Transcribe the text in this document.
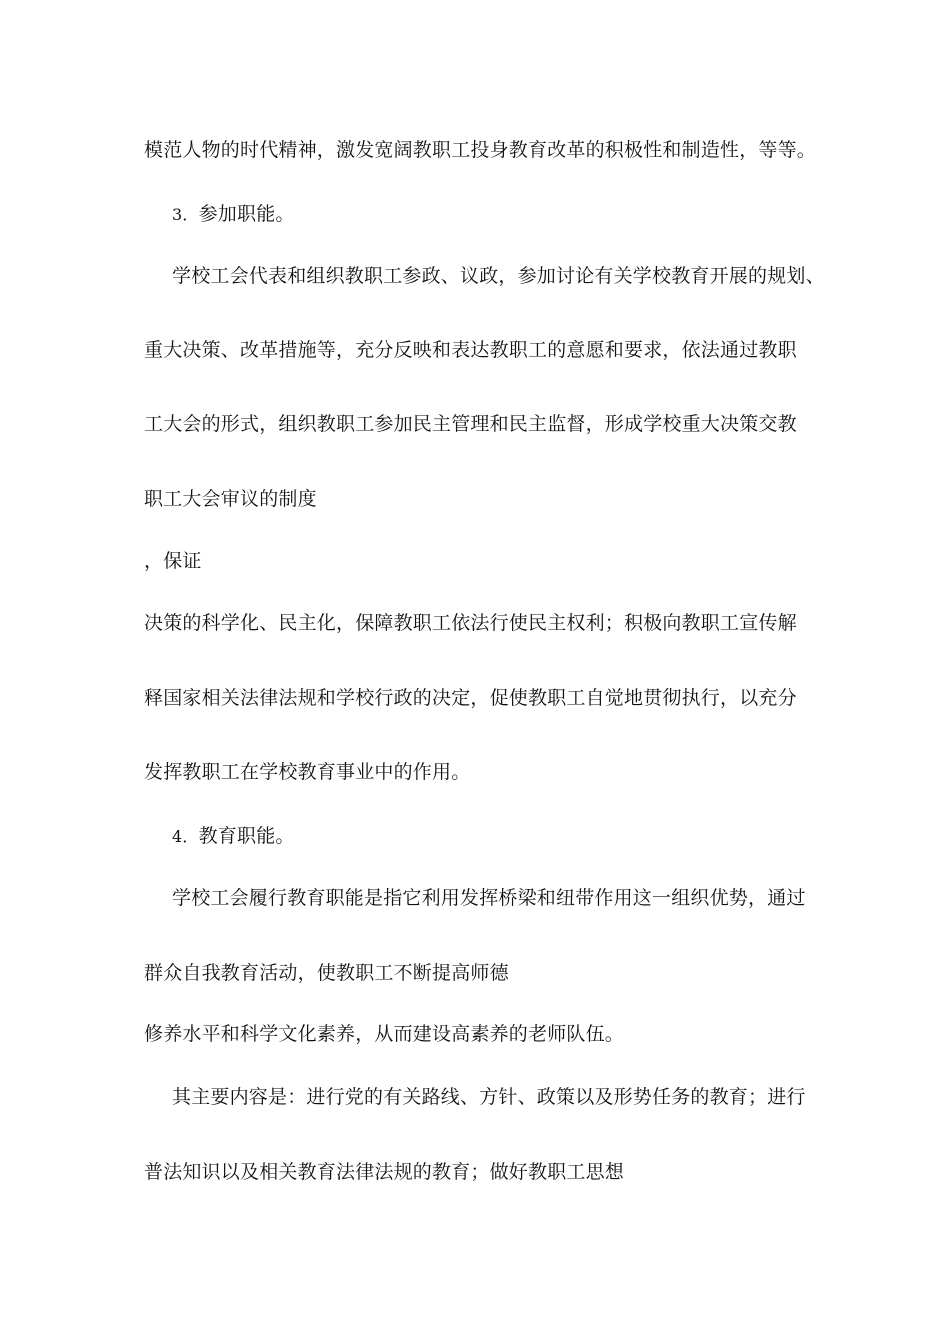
模范人物的时代精神，激发宽阔教职工投身教育改革的积极性和制造性，等等。
3．参加职能。
学校工会代表和组织教职工参政、议政，参加讨论有关学校教育开展的规划、
重大决策、改革措施等，充分反映和表达教职工的意愿和要求，依法通过教职
工大会的形式，组织教职工参加民主管理和民主监督，形成学校重大决策交教
职工大会审议的制度
，保证
决策的科学化、民主化，保障教职工依法行使民主权利；积极向教职工宣传解
释国家相关法律法规和学校行政的决定，促使教职工自觉地贯彻执行，以充分
发挥教职工在学校教育事业中的作用。
4．教育职能。
学校工会履行教育职能是指它利用发挥桥梁和纽带作用这一组织优势，通过
群众自我教育活动，使教职工不断提高师德
修养水平和科学文化素养，从而建设高素养的老师队伍。
其主要内容是：进行党的有关路线、方针、政策以及形势任务的教育；进行
普法知识以及相关教育法律法规的教育；做好教职工思想
